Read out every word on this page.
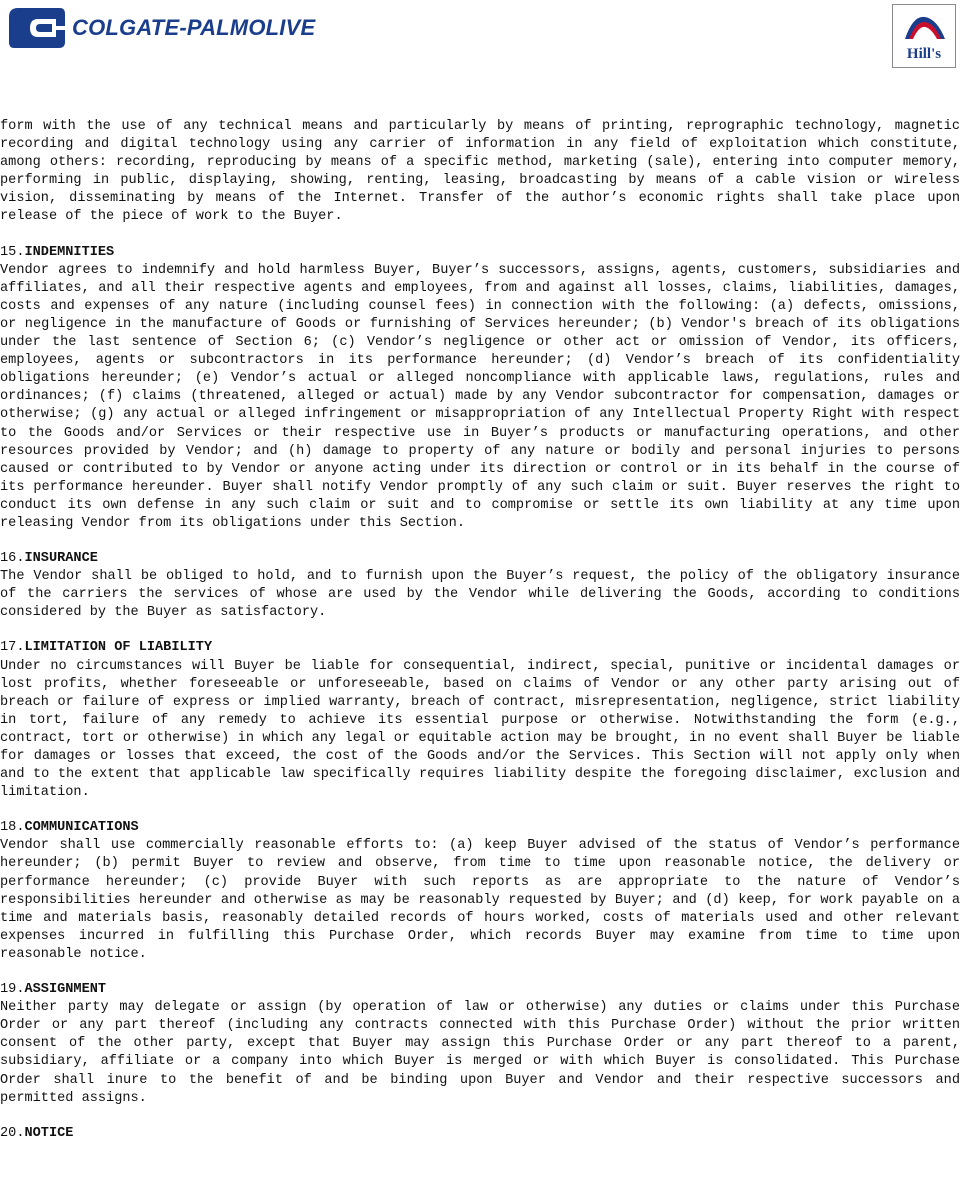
COLGATE-PALMOLIVE
Hill's

form with the use of any technical means and particularly by means of printing, reprographic technology, magnetic recording and digital technology using any carrier of information in any field of exploitation which constitute, among others: recording, reproducing by means of a specific method, marketing (sale), entering into computer memory, performing in public, displaying, showing, renting, leasing, broadcasting by means of a cable vision or wireless vision, disseminating by means of the Internet. Transfer of the author’s economic rights shall take place upon release of the piece of work to the Buyer.

15.INDEMNITIES

Vendor agrees to indemnify and hold harmless Buyer, Buyer’s successors, assigns, agents, customers, subsidiaries and affiliates, and all their respective agents and employees, from and against all losses, claims, liabilities, damages, costs and expenses of any nature (including counsel fees) in connection with the following: (a) defects, omissions, or negligence in the manufacture of Goods or furnishing of Services hereunder; (b) Vendor's breach of its obligations under the last sentence of Section 6; (c) Vendor’s negligence or other act or omission of Vendor, its officers, employees, agents or subcontractors in its performance hereunder; (d) Vendor’s breach of its confidentiality obligations hereunder; (e) Vendor’s actual or alleged noncompliance with applicable laws, regulations, rules and ordinances; (f) claims (threatened, alleged or actual) made by any Vendor subcontractor for compensation, damages or otherwise; (g) any actual or alleged infringement or misappropriation of any Intellectual Property Right with respect to the Goods and/or Services or their respective use in Buyer’s products or manufacturing operations, and other resources provided by Vendor; and (h) damage to property of any nature or bodily and personal injuries to persons caused or contributed to by Vendor or anyone acting under its direction or control or in its behalf in the course of its performance hereunder. Buyer shall notify Vendor promptly of any such claim or suit. Buyer reserves the right to conduct its own defense in any such claim or suit and to compromise or settle its own liability at any time upon releasing Vendor from its obligations under this Section.

16.INSURANCE

The Vendor shall be obliged to hold, and to furnish upon the Buyer’s request, the policy of the obligatory insurance of the carriers the services of whose are used by the Vendor while delivering the Goods, according to conditions considered by the Buyer as satisfactory.

17.LIMITATION OF LIABILITY

Under no circumstances will Buyer be liable for consequential, indirect, special, punitive or incidental damages or lost profits, whether foreseeable or unforeseeable, based on claims of Vendor or any other party arising out of breach or failure of express or implied warranty, breach of contract, misrepresentation, negligence, strict liability in tort, failure of any remedy to achieve its essential purpose or otherwise. Notwithstanding the form (e.g., contract, tort or otherwise) in which any legal or equitable action may be brought, in no event shall Buyer be liable for damages or losses that exceed, the cost of the Goods and/or the Services. This Section will not apply only when and to the extent that applicable law specifically requires liability despite the foregoing disclaimer, exclusion and limitation.

18.COMMUNICATIONS

Vendor shall use commercially reasonable efforts to: (a) keep Buyer advised of the status of Vendor’s performance hereunder; (b) permit Buyer to review and observe, from time to time upon reasonable notice, the delivery or performance hereunder; (c) provide Buyer with such reports as are appropriate to the nature of Vendor’s responsibilities hereunder and otherwise as may be reasonably requested by Buyer; and (d) keep, for work payable on a time and materials basis, reasonably detailed records of hours worked, costs of materials used and other relevant expenses incurred in fulfilling this Purchase Order, which records Buyer may examine from time to time upon reasonable notice.

19.ASSIGNMENT

Neither party may delegate or assign (by operation of law or otherwise) any duties or claims under this Purchase Order or any part thereof (including any contracts connected with this Purchase Order) without the prior written consent of the other party, except that Buyer may assign this Purchase Order or any part thereof to a parent, subsidiary, affiliate or a company into which Buyer is merged or with which Buyer is consolidated. This Purchase Order shall inure to the benefit of and be binding upon Buyer and Vendor and their respective successors and permitted assigns.

20.NOTICE
